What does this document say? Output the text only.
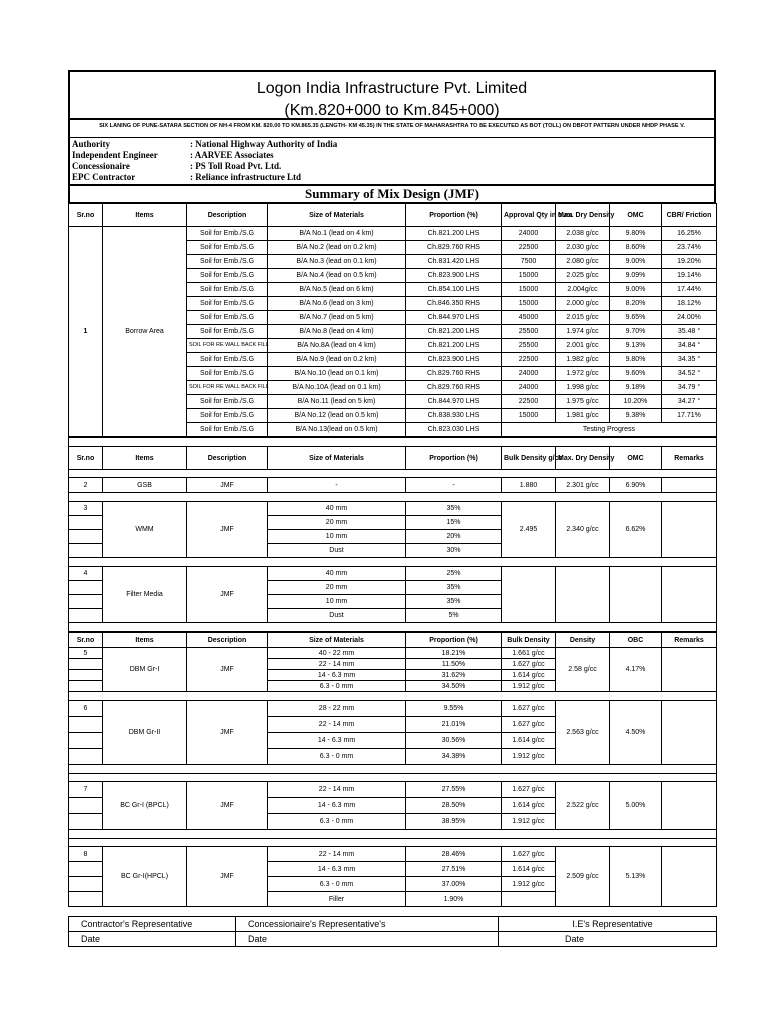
Logon India Infrastructure Pvt. Limited
(Km.820+000 to Km.845+000)
SIX LANING OF PUNE-SATARA SECTION OF NH-4 FROM KM. 820.00 TO KM.865.35 (LENGTH- KM 45.35) IN THE STATE OF MAHARASHTRA TO BE EXECUTED AS BOT (TOLL) ON DBFOT PATTERN UNDER NHDP PHASE V.
Authority	: National Highway Authority of India
Independent Engineer	: AARVEE Associates
Concessionaire	: PS Toll Road Pvt. Ltd.
EPC Contractor	: Reliance infrastructure Ltd
Summary of Mix Design (JMF)
Sr.no	Items	Description	Size of Materials	Proportion (%)	Approval Qty in cum	Max. Dry Density	OMC	CBR/ Friction
1	Borrow Area	Soil for Emb./S.G	B/A No.1 (lead on 4 km)	Ch.821.200 LHS	24000	2.038 g/cc	9.80%	16.25%
		Soil for Emb./S.G	B/A No.2 (lead on 0.2 km)	Ch.829.760 RHS	22500	2.030 g/cc	8.60%	23.74%
		Soil for Emb./S.G	B/A No.3 (lead on 0.1 km)	Ch.831.420 LHS	7500	2.080 g/cc	9.00%	19.20%
		Soil for Emb./S.G	B/A No.4 (lead on 0.5 km)	Ch.823.900 LHS	15000	2.025 g/cc	9.09%	19.14%
		Soil for Emb./S.G	B/A No.5 (lead on 6 km)	Ch.854.100 LHS	15000	2.004g/cc	9.00%	17.44%
		Soil for Emb./S.G	B/A No.6 (lead on 3 km)	Ch.846.350 RHS	15000	2.000 g/cc	8.20%	18.12%
		Soil for Emb./S.G	B/A No.7 (lead on 5 km)	Ch.844.970 LHS	45000	2.015 g/cc	9.65%	24.00%
		Soil for Emb./S.G	B/A No.8 (lead on 4 km)	Ch.821.200 LHS	25500	1.974 g/cc	9.70%	35.48 °
		SOIL FOR RE WALL BACK FILL	B/A No.8A (lead on 4 km)	Ch.821.200 LHS	25500	2.001 g/cc	9.13%	34.84 °
		Soil for Emb./S.G	B/A No.9 (lead on 0.2 km)	Ch.823.900 LHS	22500	1.982 g/cc	9.80%	34.35 °
		Soil for Emb./S.G	B/A No.10 (lead on 0.1 km)	Ch.829.760 RHS	24000	1.972 g/cc	9.60%	34.52 °
		SOIL FOR RE WALL BACK FILL	B/A No.10A (lead on 0.1 km)	Ch.829.760 RHS	24000	1.998 g/cc	9.18%	34.79 °
		Soil for Emb./S.G	B/A No.11 (lead on 5 km)	Ch.844.970 LHS	22500	1.975 g/cc	10.20%	34.27 °
		Soil for Emb./S.G	B/A No.12 (lead on 0.5 km)	Ch.838.930 LHS	15000	1.981 g/cc	9.38%	17.71%
		Soil for Emb./S.G	B/A No.13(lead on 0.5 km)	Ch.823.030 LHS	Testing Progress			

Sr.no	Items	Description	Size of Materials	Proportion (%)	Bulk Density g/cc	Max. Dry Density	OMC	Remarks

2	GSB	JMF	-	-	1.880	2.301 g/cc	6.90%	

3	WMM	JMF	40 mm	35%	2.495	2.340 g/cc	6.62%	
			20 mm	15%				
			10 mm	20%				
			Dust	30%				

4	Filter Media	JMF	40 mm	25%				
			20 mm	35%				
			10 mm	35%				
			Dust	5%				

Sr.no	Items	Description	Size of Materials	Proportion (%)	Bulk Density	Density	OBC	Remarks
5	DBM Gr-I	JMF	40 - 22 mm	18.21%	1.661 g/cc	2.58 g/cc	4.17%	
			22 - 14 mm	11.50%	1.627 g/cc			
			14 - 6.3 mm	31.62%	1.614 g/cc			
			6.3 - 0 mm	34.50%	1.912 g/cc			

6	DBM Gr-II	JMF	28 - 22 mm	9.55%	1.627 g/cc	2.563 g/cc	4.50%	
			22 - 14 mm	21.01%	1.627 g/cc			
			14 - 6.3 mm	30.56%	1.614 g/cc			
			6.3 - 0 mm	34.38%	1.912 g/cc			

7	BC Gr-I (BPCL)	JMF	22 - 14 mm	27.55%	1.627 g/cc	2.522 g/cc	5.00%	
			14 - 6.3 mm	28.50%	1.614 g/cc			
			6.3 - 0 mm	38.95%	1.912 g/cc			

8	BC Gr-I(HPCL)	JMF	22 - 14 mm	28.46%	1.627 g/cc	2.509 g/cc	5.13%	
			14 - 6.3 mm	27.51%	1.614 g/cc			
			6.3 - 0 mm	37.00%	1.912 g/cc			
			Filler	1.90%				
Contractor's Representative	Concessionaire's Representative's	I.E's Representative
Date	Date	Date
